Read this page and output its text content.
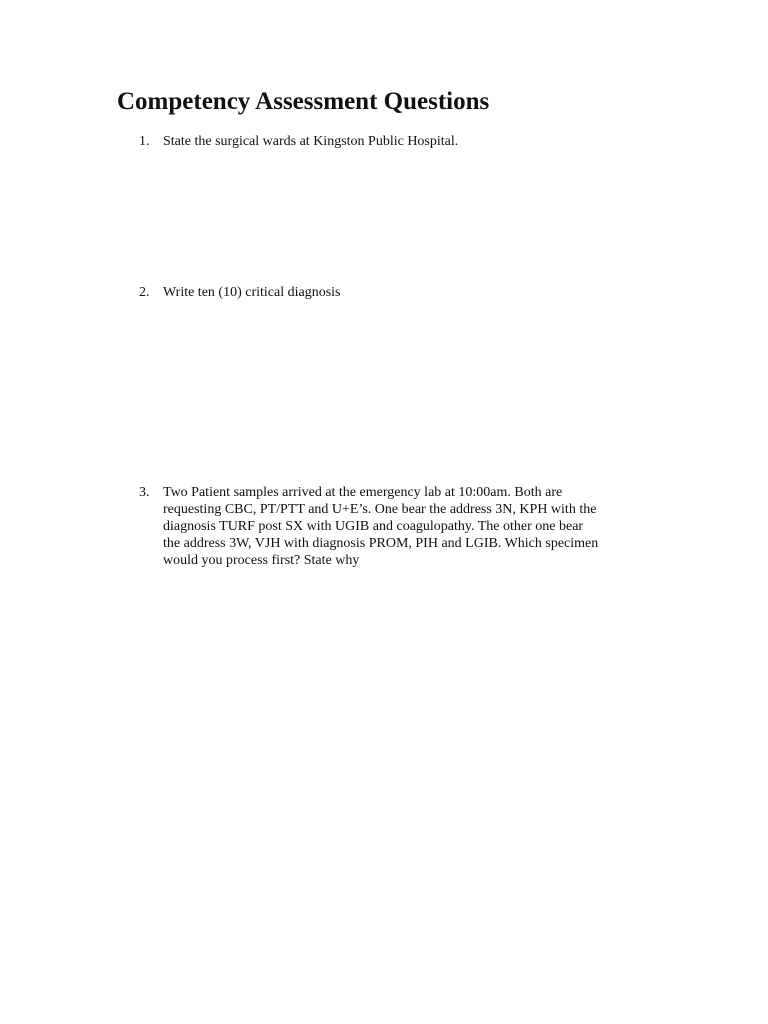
Competency Assessment Questions
1. State the surgical wards at Kingston Public Hospital.
2. Write ten (10) critical diagnosis
3. Two Patient samples arrived at the emergency lab at 10:00am. Both are
requesting CBC, PT/PTT and U+E’s. One bear the address 3N, KPH with the
diagnosis TURF post SX with UGIB and coagulopathy. The other one bear
the address 3W, VJH with diagnosis PROM, PIH and LGIB. Which specimen
would you process first? State why
